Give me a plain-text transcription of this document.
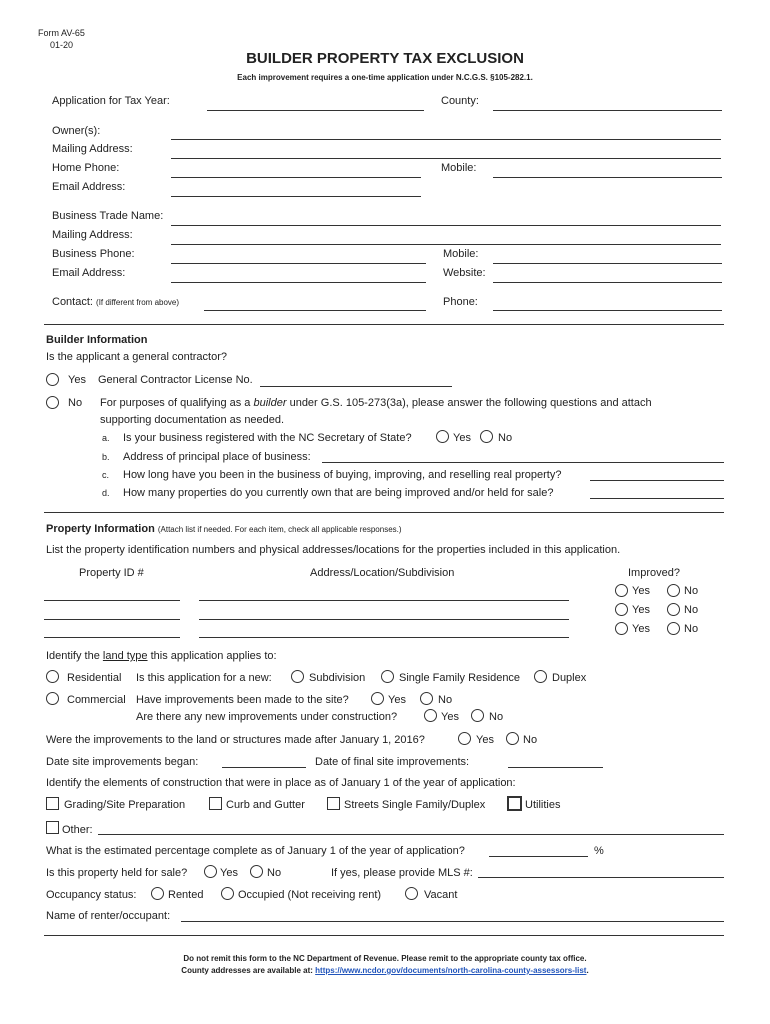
Form AV-65
01-20
BUILDER PROPERTY TAX EXCLUSION
Each improvement requires a one-time application under N.C.G.S. §105-282.1.
Application for Tax Year:	County:
Owner(s):
Mailing Address:
Home Phone:	Mobile:
Email Address:
Business Trade Name:
Mailing Address:
Business Phone:	Mobile:
Email Address:	Website:
Contact: (If different from above)	Phone:
Builder Information
Is the applicant a general contractor?
Yes General Contractor License No.
No For purposes of qualifying as a builder under G.S. 105-273(3a), please answer the following questions and attach
supporting documentation as needed.
a. Is your business registered with the NC Secretary of State?	Yes No
b. Address of principal place of business:
c. How long have you been in the business of buying, improving, and reselling real property?
d. How many properties do you currently own that are being improved and/or held for sale?
Property Information (Attach list if needed. For each item, check all applicable responses.)
List the property identification numbers and physical addresses/locations for the properties included in this application.
Property ID #	Address/Location/Subdivision	Improved?
Yes	No
Yes	No
Yes	No
Identify the land type this application applies to:
Residential Is this application for a new:	Subdivision	Single Family Residence	Duplex
Commercial Have improvements been made to the site?	Yes	No
Are there any new improvements under construction?	Yes	No
Were the improvements to the land or structures made after January 1, 2016?	Yes	No
Date site improvements began:	Date of final site improvements:
Identify the elements of construction that were in place as of January 1 of the year of application:
Grading/Site Preparation	Curb and Gutter	Streets Single Family/Duplex	Utilities
Other:
What is the estimated percentage complete as of January 1 of the year of application?	%
Is this property held for sale?	Yes	No	If yes, please provide MLS #:
Occupancy status:	Rented	Occupied (Not receiving rent)	Vacant
Name of renter/occupant:
Do not remit this form to the NC Department of Revenue. Please remit to the appropriate county tax office.
County addresses are available at: https://www.ncdor.gov/documents/north-carolina-county-assessors-list.
